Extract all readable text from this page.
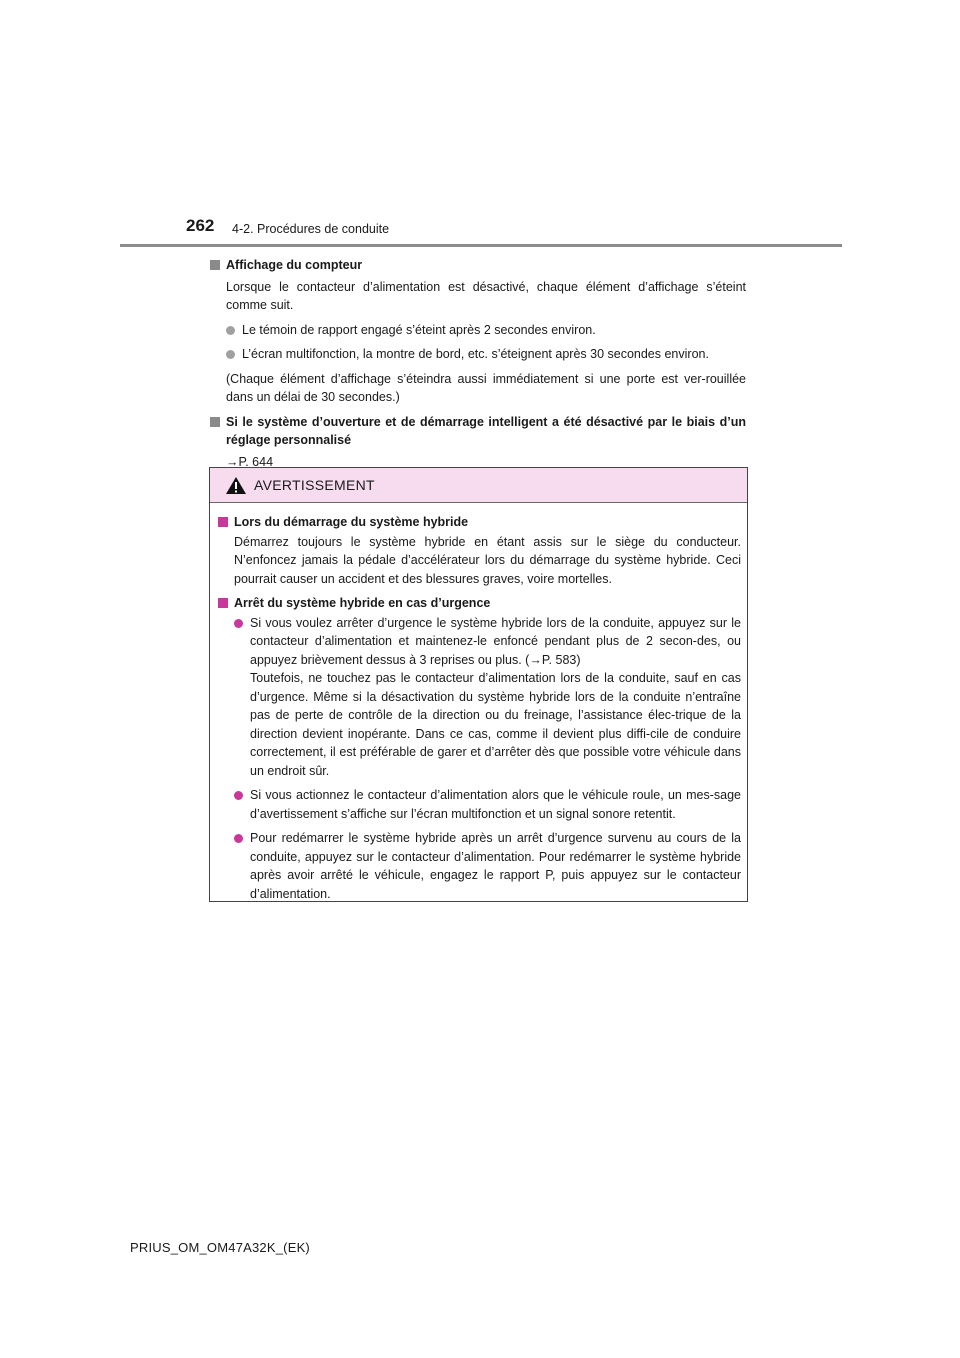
262 4-2. Procédures de conduite
Affichage du compteur
Lorsque le contacteur d’alimentation est désactivé, chaque élément d’affichage s’éteint comme suit.
Le témoin de rapport engagé s’éteint après 2 secondes environ.
L’écran multifonction, la montre de bord, etc. s’éteignent après 30 secondes environ.
(Chaque élément d’affichage s’éteindra aussi immédiatement si une porte est ver-rouillée dans un délai de 30 secondes.)
Si le système d’ouverture et de démarrage intelligent a été désactivé par le biais d’un réglage personnalisé
→P. 644
AVERTISSEMENT
Lors du démarrage du système hybride
Démarrez toujours le système hybride en étant assis sur le siège du conducteur. N’enfoncez jamais la pédale d’accélérateur lors du démarrage du système hybride. Ceci pourrait causer un accident et des blessures graves, voire mortelles.
Arrêt du système hybride en cas d’urgence
Si vous voulez arrêter d’urgence le système hybride lors de la conduite, appuyez sur le contacteur d’alimentation et maintenez-le enfoncé pendant plus de 2 secon-des, ou appuyez brièvement dessus à 3 reprises ou plus. (→P. 583)
Toutefois, ne touchez pas le contacteur d’alimentation lors de la conduite, sauf en cas d’urgence. Même si la désactivation du système hybride lors de la conduite n’entraîne pas de perte de contrôle de la direction ou du freinage, l’assistance élec-trique de la direction devient inopérante. Dans ce cas, comme il devient plus diffi-cile de conduire correctement, il est préférable de garer et d’arrêter dès que possible votre véhicule dans un endroit sûr.
Si vous actionnez le contacteur d’alimentation alors que le véhicule roule, un mes-sage d’avertissement s’affiche sur l’écran multifonction et un signal sonore retentit.
Pour redémarrer le système hybride après un arrêt d’urgence survenu au cours de la conduite, appuyez sur le contacteur d’alimentation. Pour redémarrer le système hybride après avoir arrêté le véhicule, engagez le rapport P, puis appuyez sur le contacteur d’alimentation.
PRIUS_OM_OM47A32K_(EK)
